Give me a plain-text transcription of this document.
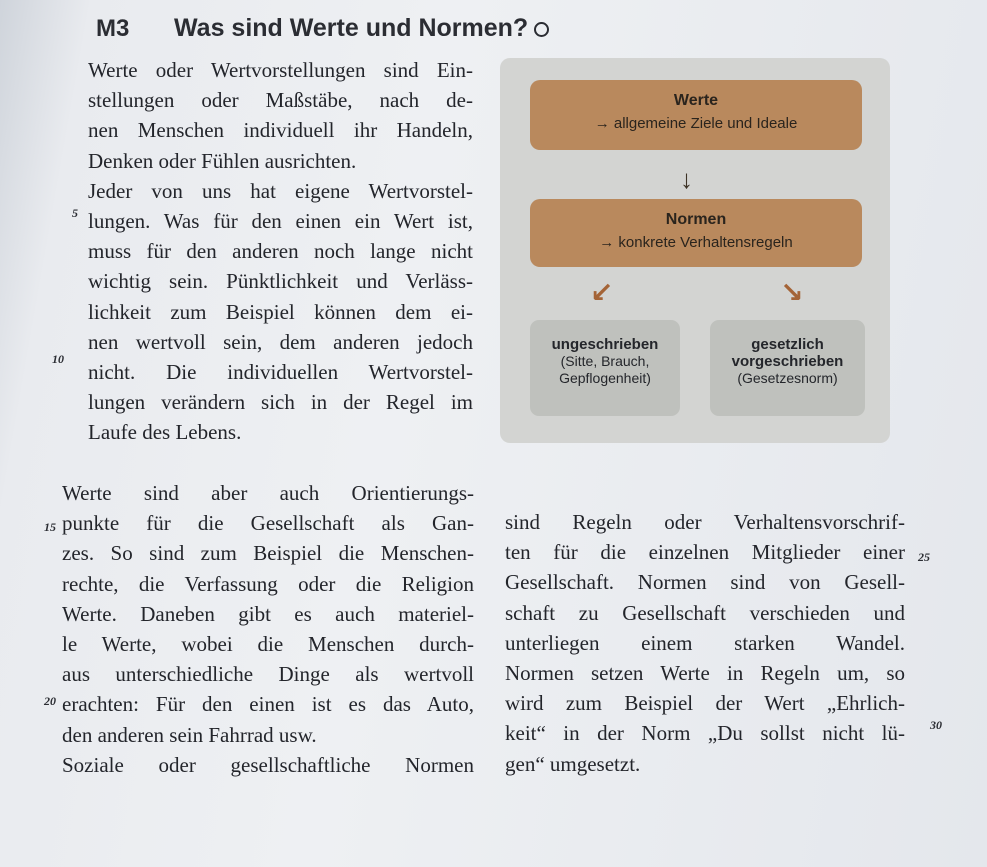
M3	Was sind Werte und Normen?
Werte oder Wertvorstellungen sind Ein-
stellungen oder Maßstäbe, nach de-
nen Menschen individuell ihr Handeln,
Denken oder Fühlen ausrichten.
Jeder von uns hat eigene Wertvorstel-
lungen. Was für den einen ein Wert ist,
muss für den anderen noch lange nicht
wichtig sein. Pünktlichkeit und Verläss-
lichkeit zum Beispiel können dem ei-
nen wertvoll sein, dem anderen jedoch
nicht. Die individuellen Wertvorstel-
lungen verändern sich in der Regel im
Laufe des Lebens.
5
10
15
20
25
30
Werte sind aber auch Orientierungs-
punkte für die Gesellschaft als Gan-
zes. So sind zum Beispiel die Menschen-
rechte, die Verfassung oder die Religion
Werte. Daneben gibt es auch materiel-
le Werte, wobei die Menschen durch-
aus unterschiedliche Dinge als wertvoll
erachten: Für den einen ist es das Auto,
den anderen sein Fahrrad usw.
Soziale oder gesellschaftliche Normen
sind Regeln oder Verhaltensvorschrif-
ten für die einzelnen Mitglieder einer
Gesellschaft. Normen sind von Gesell-
schaft zu Gesellschaft verschieden und
unterliegen einem starken Wandel.
Normen setzen Werte in Regeln um, so
wird zum Beispiel der Wert „Ehrlich-
keit“ in der Norm „Du sollst nicht lü-
gen“ umgesetzt.
Werte
→ allgemeine Ziele und Ideale
↓
Normen
→ konkrete Verhaltensregeln
↙	↘
ungeschrieben
(Sitte, Brauch, Gepflogenheit)
gesetzlich vorgeschrieben
(Gesetzesnorm)
